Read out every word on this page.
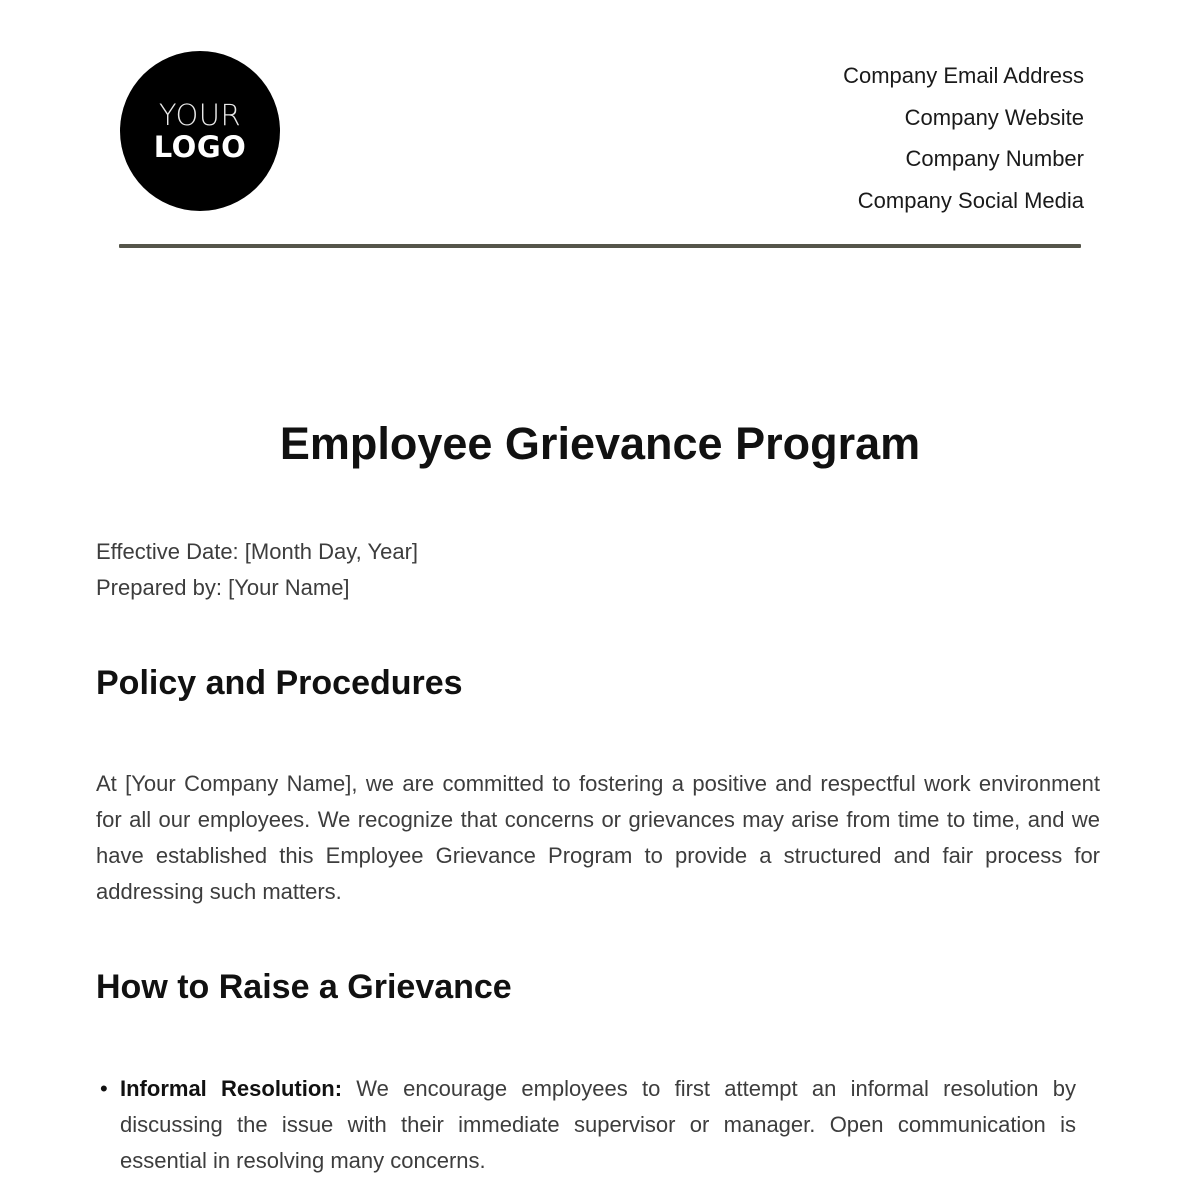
YOUR
LOGO
Company Email Address
Company Website
Company Number
Company Social Media
Employee Grievance Program
Effective Date: [Month Day, Year]
Prepared by: [Your Name]
Policy and Procedures

At [Your Company Name], we are committed to fostering a positive and respectful work environment for all our employees. We recognize that concerns or grievances may arise from time to time, and we have established this Employee Grievance Program to provide a structured and fair process for addressing such matters.

How to Raise a Grievance
• Informal Resolution: We encourage employees to first attempt an informal resolution by discussing the issue with their immediate supervisor or manager. Open communication is essential in resolving many concerns.
